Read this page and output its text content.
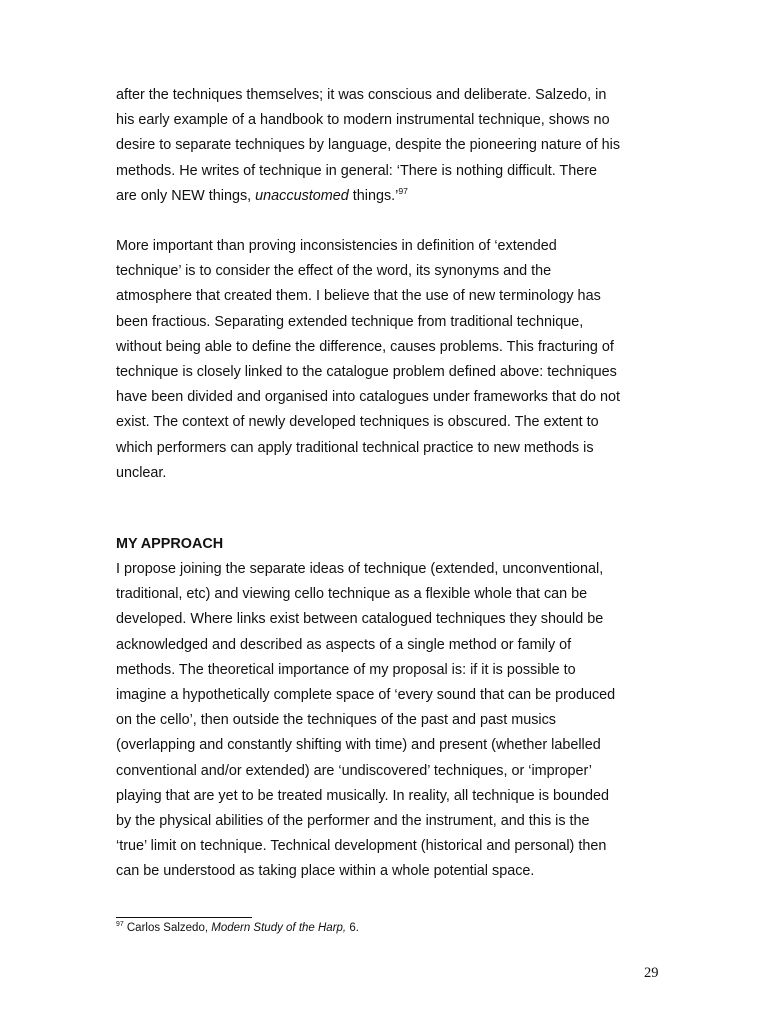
after the techniques themselves; it was conscious and deliberate. Salzedo, in
his early example of a handbook to modern instrumental technique, shows no
desire to separate techniques by language, despite the pioneering nature of his
methods. He writes of technique in general: ‘There is nothing difficult. There
are only NEW things, unaccustomed things.’$^{97}$

More important than proving inconsistencies in definition of ‘extended
technique’ is to consider the effect of the word, its synonyms and the
atmosphere that created them. I believe that the use of new terminology has
been fractious. Separating extended technique from traditional technique,
without being able to define the difference, causes problems. This fracturing of
technique is closely linked to the catalogue problem defined above: techniques
have been divided and organised into catalogues under frameworks that do not
exist. The context of newly developed techniques is obscured. The extent to
which performers can apply traditional technical practice to new methods is
unclear.

MY APPROACH

I propose joining the separate ideas of technique (extended, unconventional,
traditional, etc) and viewing cello technique as a flexible whole that can be
developed. Where links exist between catalogued techniques they should be
acknowledged and described as aspects of a single method or family of
methods. The theoretical importance of my proposal is: if it is possible to
imagine a hypothetically complete space of ‘every sound that can be produced
on the cello’, then outside the techniques of the past and past musics
(overlapping and constantly shifting with time) and present (whether labelled
conventional and/or extended) are ‘undiscovered’ techniques, or ‘improper’
playing that are yet to be treated musically. In reality, all technique is bounded
by the physical abilities of the performer and the instrument, and this is the
‘true’ limit on technique. Technical development (historical and personal) then
can be understood as taking place within a whole potential space.

$^{97}$ Carlos Salzedo, Modern Study of the Harp, 6.
29
